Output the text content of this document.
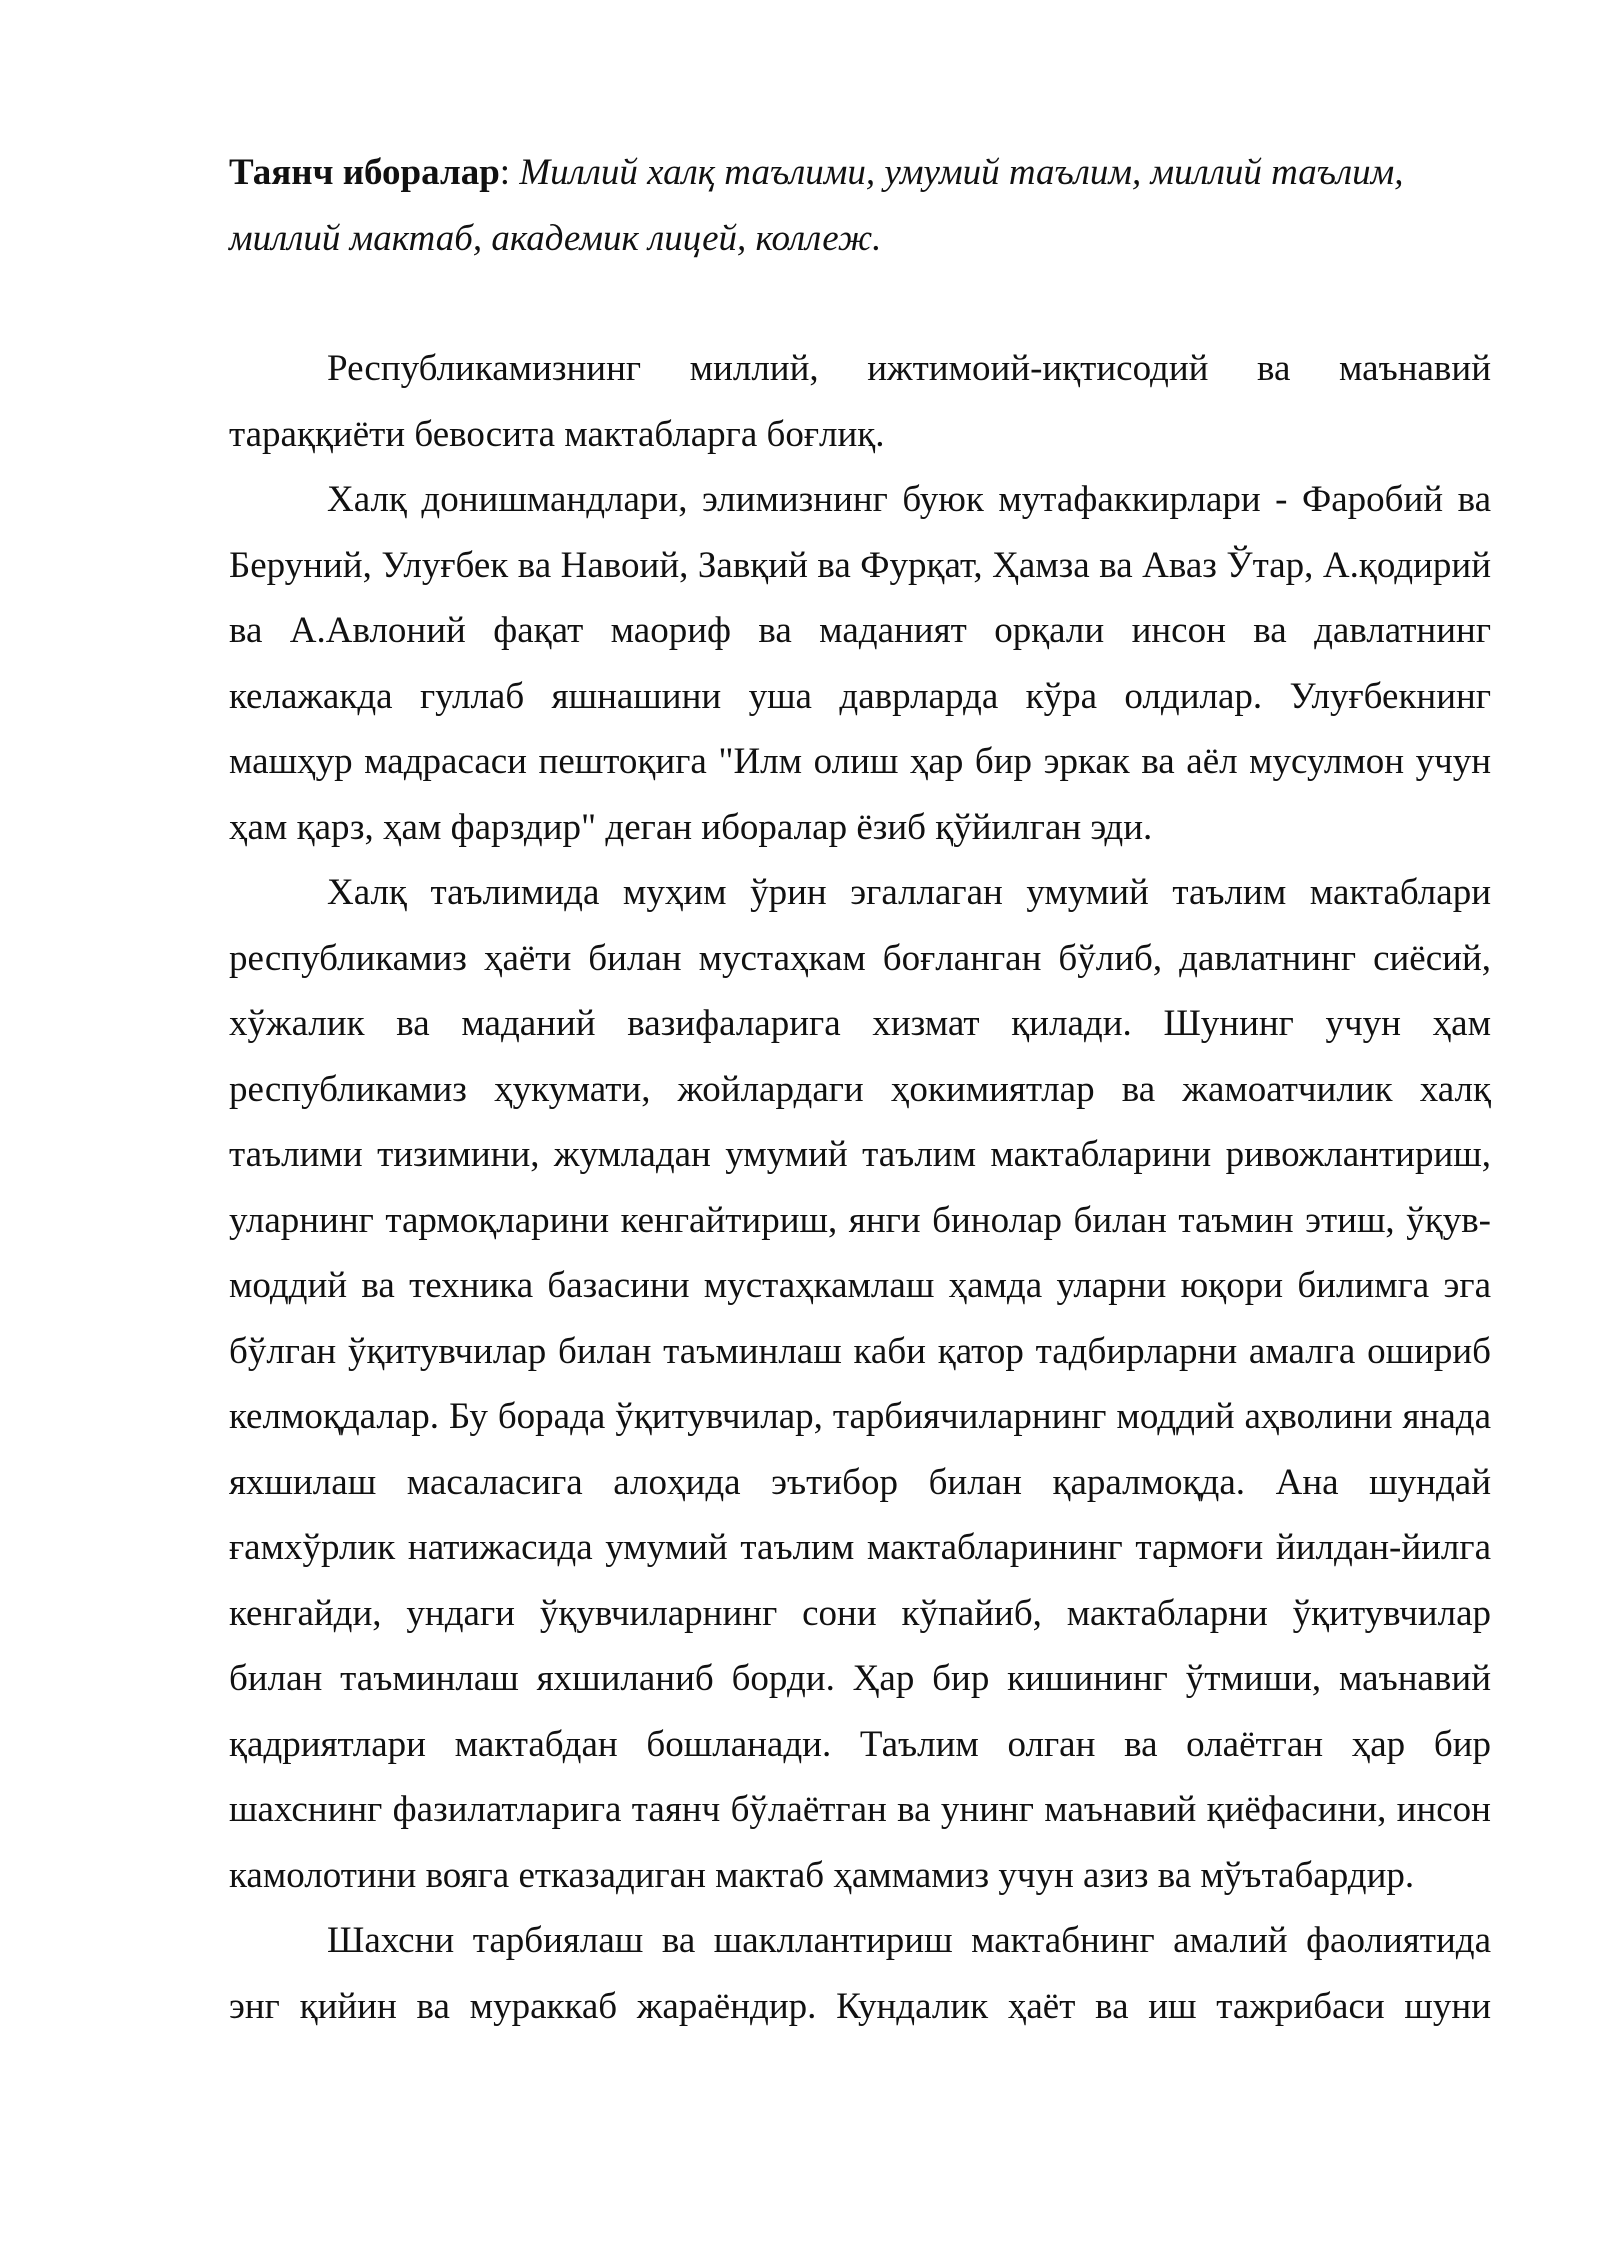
Таянч иборалар: Миллий халқ таълими, умумий таълим, миллий таълим, миллий мактаб, академик лицей, коллеж.

Республикамизнинг миллий, ижтимоий-иқтисодий ва маънавий тараққиёти бевосита мактабларга боғлиқ.

Халқ донишмандлари, элимизнинг буюк мутафаккирлари - Фаробий ва Беруний, Улуғбек ва Навоий, Завқий ва Фурқат, Ҳамза ва Аваз Ўтар, А.қодирий ва А.Авлоний фақат маориф ва маданият орқали инсон ва давлатнинг келажакда гуллаб яшнашини уша даврларда кўра олдилар. Улуғбекнинг машҳур мадрасаси пештоқига "Илм олиш ҳар бир эркак ва аёл мусулмон учун ҳам қарз, ҳам фарздир" деган иборалар ёзиб қўйилган эди.

Халқ таълимида муҳим ўрин эгаллаган умумий таълим мактаблари республикамиз ҳаёти билан мустаҳкам боғланган бўлиб, давлатнинг сиёсий, хўжалик ва маданий вазифаларига хизмат қилади. Шунинг учун ҳам республикамиз ҳукумати, жойлардаги ҳокимиятлар ва жамоатчилик халқ таълими тизимини, жумладан умумий таълим мактабларини ривожлантириш, уларнинг тармоқларини кенгайтириш, янги бинолар билан таъмин этиш, ўқув-моддий ва техника базасини мустаҳкамлаш ҳамда уларни юқори билимга эга бўлган ўқитувчилар билан таъминлаш каби қатор тадбирларни амалга ошириб келмоқдалар. Бу борада ўқитувчилар, тарбиячиларнинг моддий аҳволини янада яхшилаш масаласига алоҳида эътибор билан қаралмоқда. Ана шундай ғамхўрлик натижасида умумий таълим мактабларининг тармоғи йилдан-йилга кенгайди, ундаги ўқувчиларнинг сони кўпайиб, мактабларни ўқитувчилар билан таъминлаш яхшиланиб борди. Ҳар бир кишининг ўтмиши, маънавий қадриятлари мактабдан бошланади. Таълим олган ва олаётган ҳар бир шахснинг фазилатларига таянч бўлаётган ва унинг маънавий қиёфасини, инсон камолотини вояга етказадиган мактаб ҳаммамиз учун азиз ва мўътабардир.

Шахсни тарбиялаш ва шакллантириш мактабнинг амалий фаолиятида энг қийин ва мураккаб жараёндир. Кундалик ҳаёт ва иш тажрибаси шуни
